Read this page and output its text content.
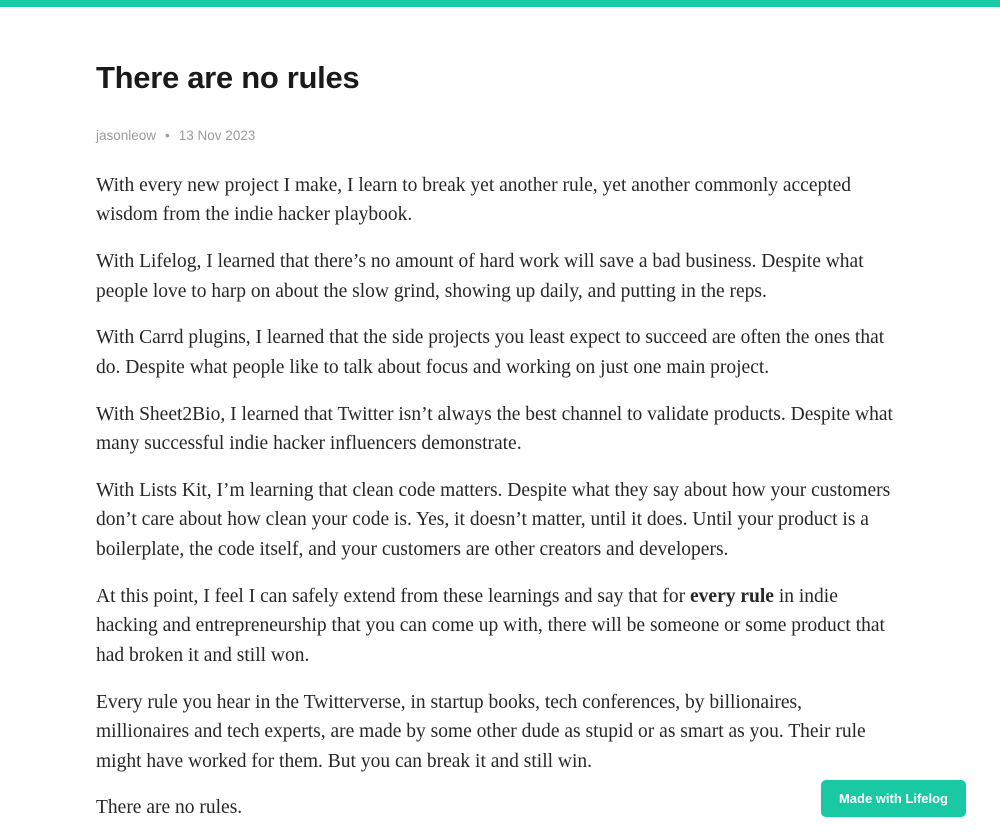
There are no rules
jasonleow • 13 Nov 2023

With every new project I make, I learn to break yet another rule, yet another commonly accepted wisdom from the indie hacker playbook.

With Lifelog, I learned that there’s no amount of hard work will save a bad business. Despite what people love to harp on about the slow grind, showing up daily, and putting in the reps.

With Carrd plugins, I learned that the side projects you least expect to succeed are often the ones that do. Despite what people like to talk about focus and working on just one main project.

With Sheet2Bio, I learned that Twitter isn’t always the best channel to validate products. Despite what many successful indie hacker influencers demonstrate.

With Lists Kit, I’m learning that clean code matters. Despite what they say about how your customers don’t care about how clean your code is. Yes, it doesn’t matter, until it does. Until your product is a boilerplate, the code itself, and your customers are other creators and developers.

At this point, I feel I can safely extend from these learnings and say that for every rule in indie hacking and entrepreneurship that you can come up with, there will be someone or some product that had broken it and still won.

Every rule you hear in the Twitterverse, in startup books, tech conferences, by billionaires, millionaires and tech experts, are made by some other dude as stupid or as smart as you. Their rule might have worked for them. But you can break it and still win.

There are no rules.	Made with Lifelog
